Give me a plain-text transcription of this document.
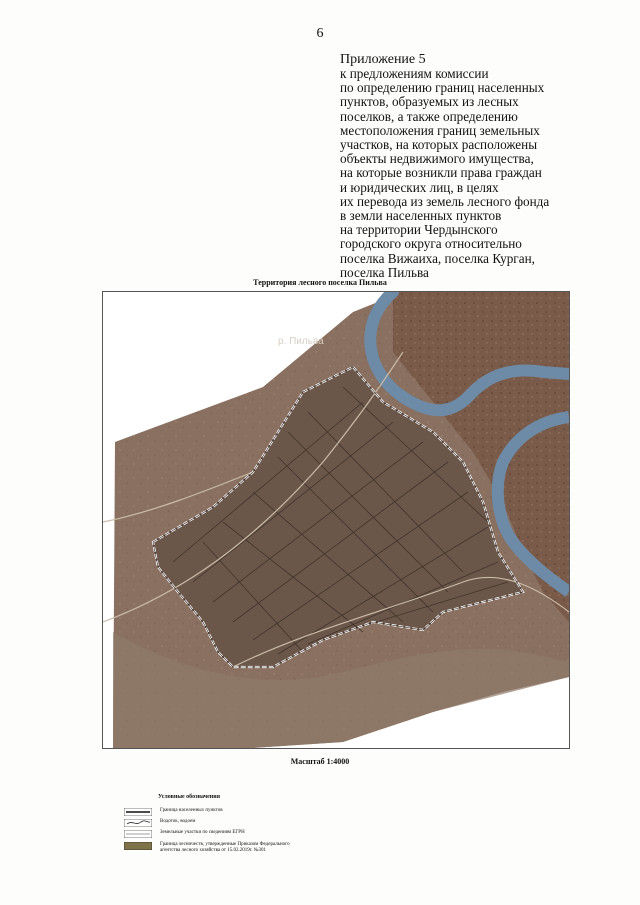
6
Приложение 5
к предложениям комиссии
по определению границ населенных
пунктов, образуемых из лесных
поселков, а также определению
местоположения границ земельных
участков, на которых расположены
объекты недвижимого имущества,
на которые возникли права граждан
и юридических лиц, в целях
их перевода из земель лесного фонда
в земли населенных пунктов
на территории Чердынского
городского округа относительно
поселка Вижаиха, поселка Курган,
поселка Пильва
Территория лесного поселка Пильва
р. Пильва
Масштаб 1:4000
Условные обозначения
Граница населенных пунктов
Водоток, водоем
Земельные участки по сведениям ЕГРН
Граница лесничеств, утвержденные Приказом Федерального
агентства лесного хозяйства от 15.02.2019г. №301
